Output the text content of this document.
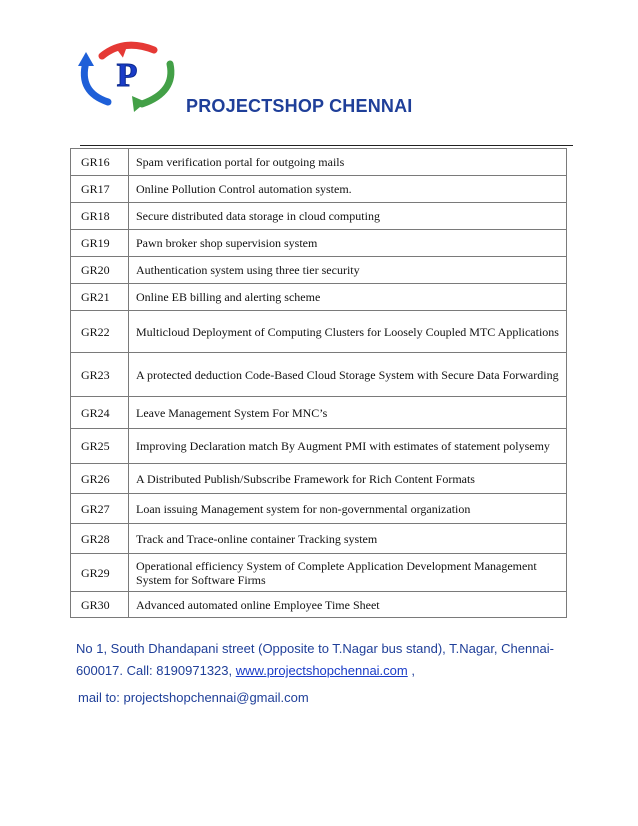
P
PROJECTSHOP CHENNAI
GR16	Spam verification portal for outgoing mails
GR17	Online Pollution Control automation system.
GR18	Secure distributed data storage in cloud computing
GR19	Pawn broker shop supervision system
GR20	Authentication system using three tier security
GR21	Online EB billing and alerting scheme
GR22	Multicloud Deployment of Computing Clusters for Loosely Coupled MTC Applications
GR23	A protected deduction Code-Based Cloud Storage System with Secure Data Forwarding
GR24	Leave Management System For MNC’s
GR25	Improving Declaration match By Augment PMI with estimates of statement polysemy
GR26	A Distributed Publish/Subscribe Framework for Rich Content Formats
GR27	Loan issuing Management system for non-governmental organization
GR28	Track and Trace-online container Tracking system
GR29	Operational efficiency System of Complete Application Development Management System for Software Firms
GR30	Advanced automated online Employee Time Sheet
No 1, South Dhandapani street (Opposite to T.Nagar bus stand), T.Nagar, Chennai-600017. Call: 8190971323, www.projectshopchennai.com ,
mail to: projectshopchennai@gmail.com
